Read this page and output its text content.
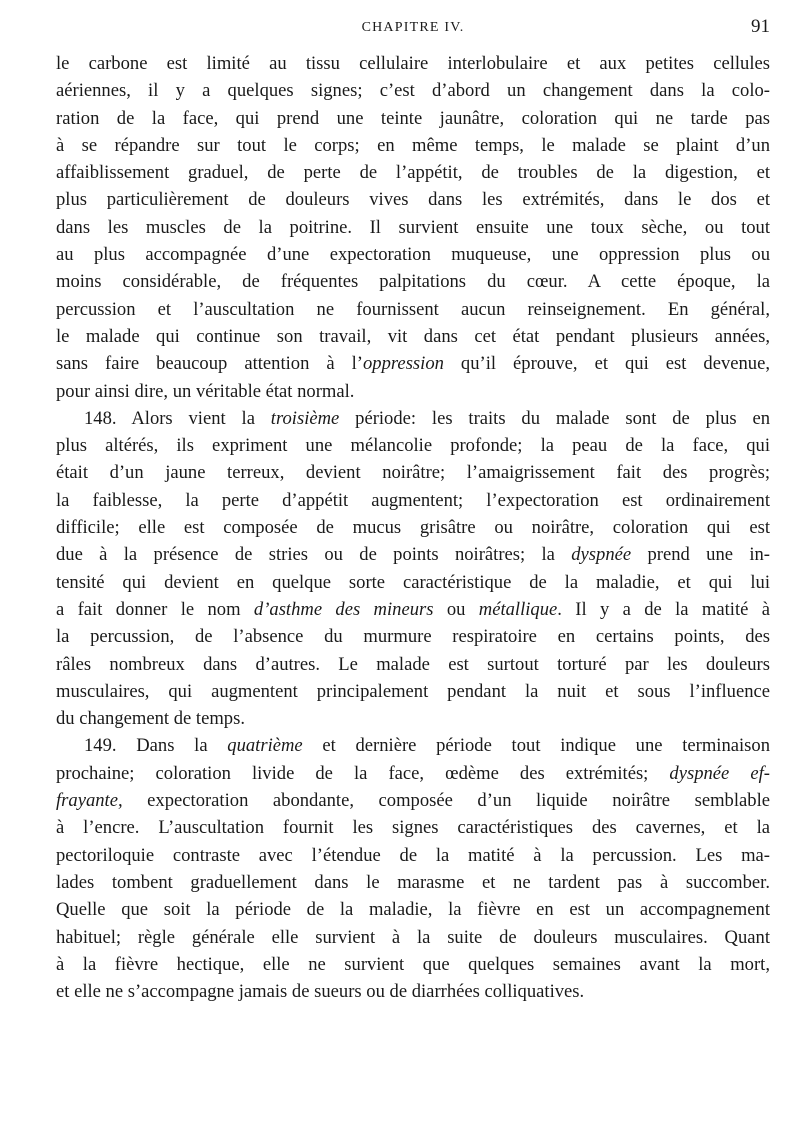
CHAPITRE IV.	91
le carbone est limité au tissu cellulaire interlobulaire et aux petites cellules
aériennes, il y a quelques signes; c’est d’abord un changement dans la colo-
ration de la face, qui prend une teinte jaunâtre, coloration qui ne tarde pas
à se répandre sur tout le corps; en même temps, le malade se plaint d’un
affaiblissement graduel, de perte de l’appétit, de troubles de la digestion, et
plus particulièrement de douleurs vives dans les extrémités, dans le dos et
dans les muscles de la poitrine. Il survient ensuite une toux sèche, ou tout
au plus accompagnée d’une expectoration muqueuse, une oppression plus ou
moins considérable, de fréquentes palpitations du cœur. A cette époque, la
percussion et l’auscultation ne fournissent aucun reinseignement. En général,
le malade qui continue son travail, vit dans cet état pendant plusieurs années,
sans faire beaucoup attention à l’oppression qu’il éprouve, et qui est devenue,
pour ainsi dire, un véritable état normal.
148. Alors vient la troisième période: les traits du malade sont de plus en
plus altérés, ils expriment une mélancolie profonde; la peau de la face, qui
était d’un jaune terreux, devient noirâtre; l’amaigrissement fait des progrès;
la faiblesse, la perte d’appétit augmentent; l’expectoration est ordinairement
difficile; elle est composée de mucus grisâtre ou noirâtre, coloration qui est
due à la présence de stries ou de points noirâtres; la dyspnée prend une in-
tensité qui devient en quelque sorte caractéristique de la maladie, et qui lui
a fait donner le nom d’asthme des mineurs ou métallique. Il y a de la matité à
la percussion, de l’absence du murmure respiratoire en certains points, des
râles nombreux dans d’autres. Le malade est surtout torturé par les douleurs
musculaires, qui augmentent principalement pendant la nuit et sous l’influence
du changement de temps.
149. Dans la quatrième et dernière période tout indique une terminaison
prochaine; coloration livide de la face, œdème des extrémités; dyspnée ef-
frayante, expectoration abondante, composée d’un liquide noirâtre semblable
à l’encre. L’auscultation fournit les signes caractéristiques des cavernes, et la
pectoriloquie contraste avec l’étendue de la matité à la percussion. Les ma-
lades tombent graduellement dans le marasme et ne tardent pas à succomber.
Quelle que soit la période de la maladie, la fièvre en est un accompagnement
habituel; règle générale elle survient à la suite de douleurs musculaires. Quant
à la fièvre hectique, elle ne survient que quelques semaines avant la mort,
et elle ne s’accompagne jamais de sueurs ou de diarrhées colliquatives.
